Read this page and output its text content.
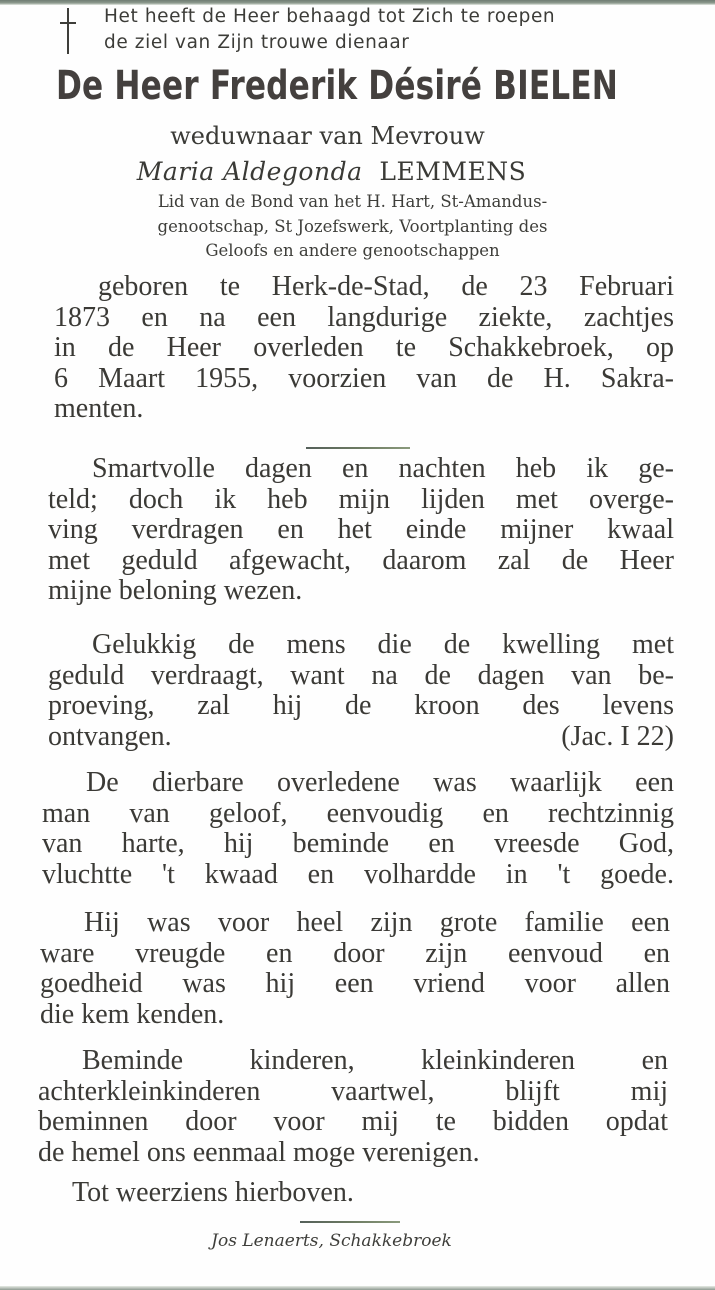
Het heeft de Heer behaagd tot Zich te roepen
de ziel van Zijn trouwe dienaar
De Heer Frederik Désiré BIELEN
weduwnaar van Mevrouw
Maria Aldegonda LEMMENS
Lid van de Bond van het H. Hart, St-Amandus-
genootschap, St Jozefswerk, Voortplanting des
Geloofs en andere genootschappen
geboren te Herk-de-Stad, de 23 Februari
1873 en na een langdurige ziekte, zachtjes
in de Heer overleden te Schakkebroek, op
6 Maart 1955, voorzien van de H. Sakra-
menten.
Smartvolle dagen en nachten heb ik ge-
teld; doch ik heb mijn lijden met overge-
ving verdragen en het einde mijner kwaal
met geduld afgewacht, daarom zal de Heer
mijne beloning wezen.
Gelukkig de mens die de kwelling met
geduld verdraagt, want na de dagen van be-
proeving, zal hij de kroon des levens
ontvangen.	(Jac. I 22)
De dierbare overledene was waarlijk een
man van geloof, eenvoudig en rechtzinnig
van harte, hij beminde en vreesde God,
vluchtte 't kwaad en volhardde in 't goede.
Hij was voor heel zijn grote familie een
ware vreugde en door zijn eenvoud en
goedheid was hij een vriend voor allen
die kem kenden.
Beminde kinderen, kleinkinderen en
achterkleinkinderen vaartwel, blijft mij
beminnen door voor mij te bidden opdat
de hemel ons eenmaal moge verenigen.
Tot weerziens hierboven.
Jos Lenaerts, Schakkebroek
